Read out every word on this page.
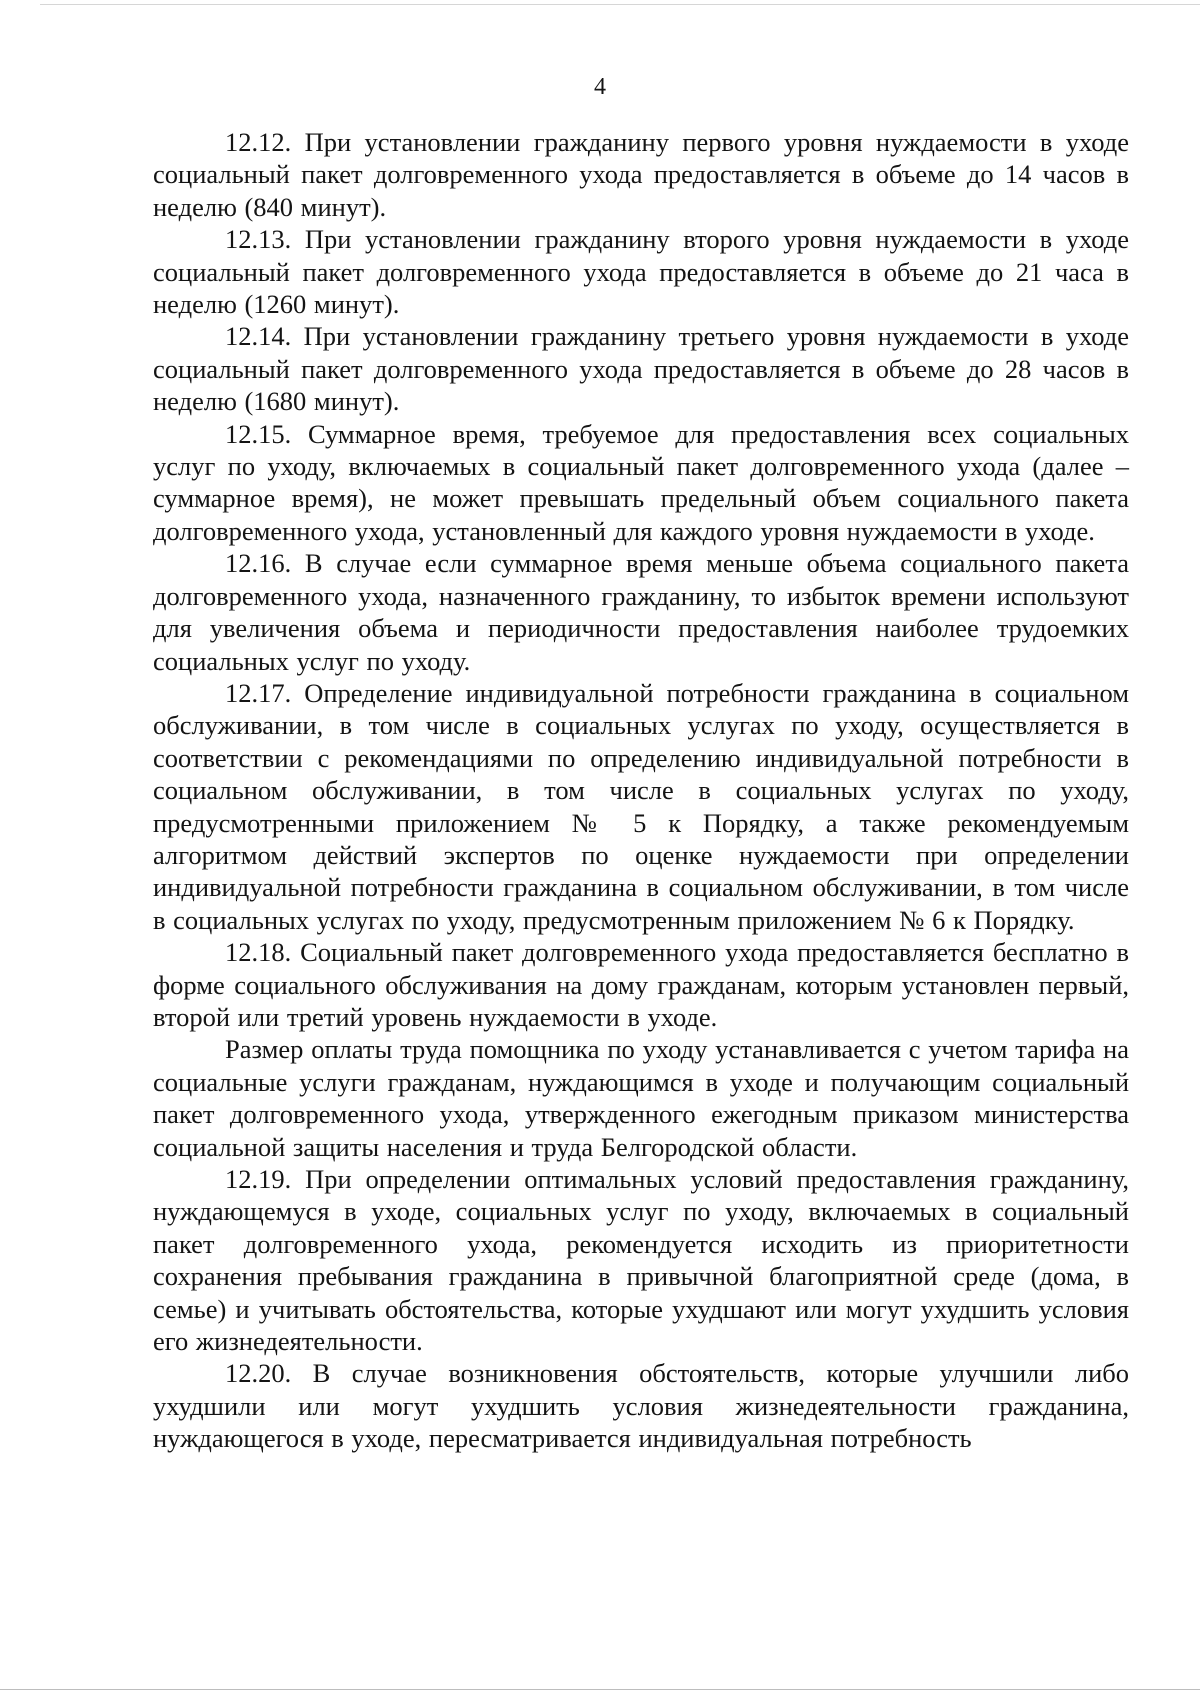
4

12.12. При установлении гражданину первого уровня нуждаемости в уходе социальный пакет долговременного ухода предоставляется в объеме до 14 часов в неделю (840 минут).

12.13. При установлении гражданину второго уровня нуждаемости в уходе социальный пакет долговременного ухода предоставляется в объеме до 21 часа в неделю (1260 минут).

12.14. При установлении гражданину третьего уровня нуждаемости в уходе социальный пакет долговременного ухода предоставляется в объеме до 28 часов в неделю (1680 минут).

12.15. Суммарное время, требуемое для предоставления всех социальных услуг по уходу, включаемых в социальный пакет долговременного ухода (далее – суммарное время), не может превышать предельный объем социального пакета долговременного ухода, установленный для каждого уровня нуждаемости в уходе.

12.16. В случае если суммарное время меньше объема социального пакета долговременного ухода, назначенного гражданину, то избыток времени используют для увеличения объема и периодичности предоставления наиболее трудоемких социальных услуг по уходу.

12.17. Определение индивидуальной потребности гражданина в социальном обслуживании, в том числе в социальных услугах по уходу, осуществляется в соответствии с рекомендациями по определению индивидуальной потребности в социальном обслуживании, в том числе в социальных услугах по уходу, предусмотренными приложением № 5 к Порядку, а также рекомендуемым алгоритмом действий экспертов по оценке нуждаемости при определении индивидуальной потребности гражданина в социальном обслуживании, в том числе в социальных услугах по уходу, предусмотренным приложением № 6 к Порядку.

12.18. Социальный пакет долговременного ухода предоставляется бесплатно в форме социального обслуживания на дому гражданам, которым установлен первый, второй или третий уровень нуждаемости в уходе.

Размер оплаты труда помощника по уходу устанавливается с учетом тарифа на социальные услуги гражданам, нуждающимся в уходе и получающим социальный пакет долговременного ухода, утвержденного ежегодным приказом министерства социальной защиты населения и труда Белгородской области.

12.19. При определении оптимальных условий предоставления гражданину, нуждающемуся в уходе, социальных услуг по уходу, включаемых в социальный пакет долговременного ухода, рекомендуется исходить из приоритетности сохранения пребывания гражданина в привычной благоприятной среде (дома, в семье) и учитывать обстоятельства, которые ухудшают или могут ухудшить условия его жизнедеятельности.

12.20. В случае возникновения обстоятельств, которые улучшили либо ухудшили или могут ухудшить условия жизнедеятельности гражданина, нуждающегося в уходе, пересматривается индивидуальная потребность
